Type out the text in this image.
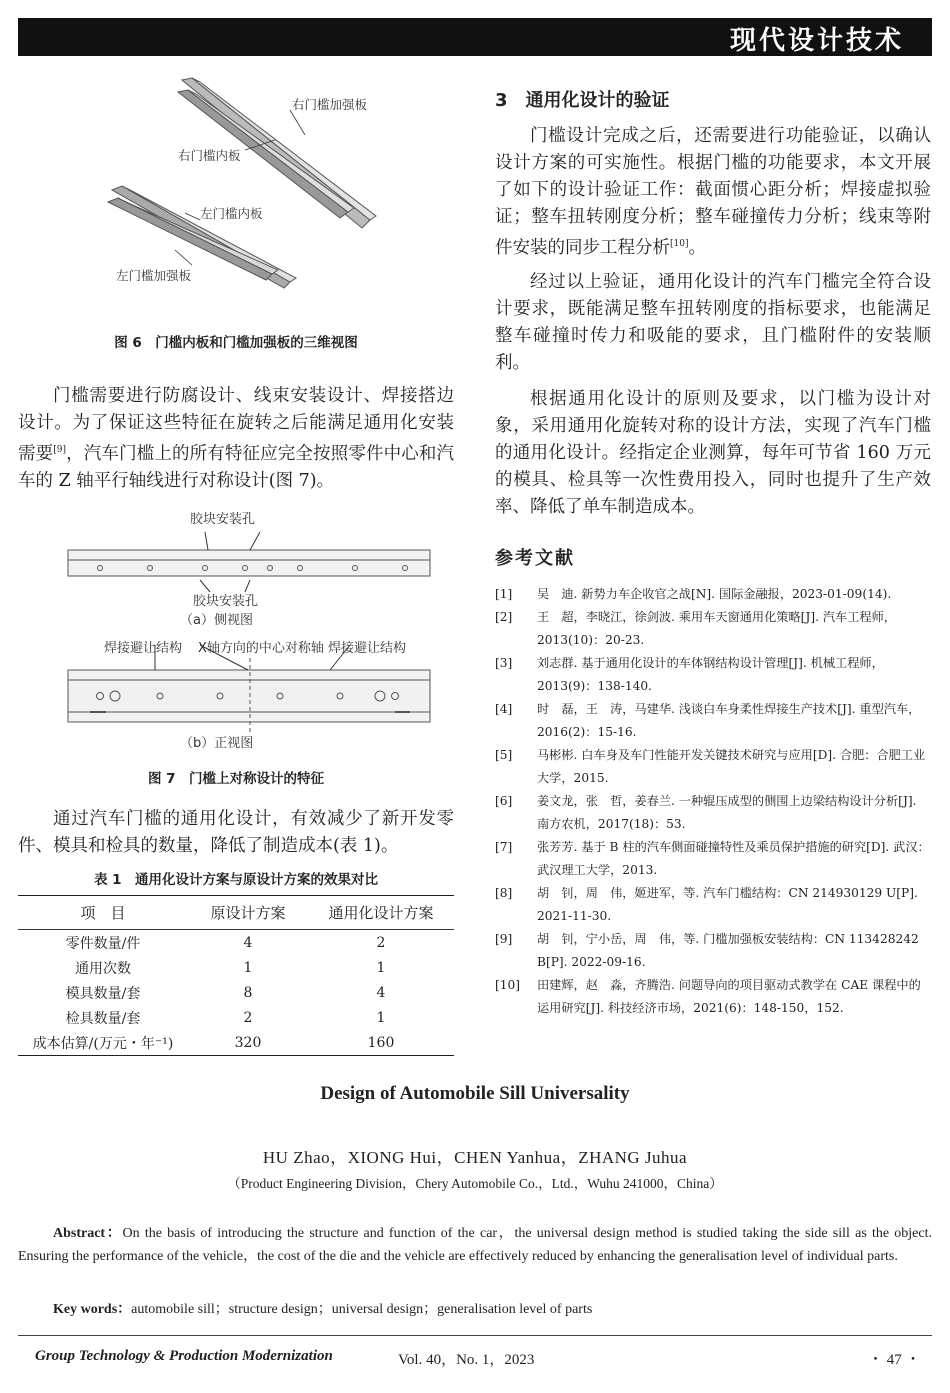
现代设计技术
右门槛加强板
右门槛内板
左门槛内板
左门槛加强板
图 6　门槛内板和门槛加强板的三维视图
门槛需要进行防腐设计、线束安装设计、焊接搭边设计。为了保证这些特征在旋转之后能满足通用化安装需要[9]，汽车门槛上的所有特征应完全按照零件中心和汽车的 Z 轴平行轴线进行对称设计(图 7)。
胶块安装孔
胶块安装孔
（a）侧视图
焊接避让结构 X轴方向的中心对称轴 焊接避让结构
（b）正视图
图 7　门槛上对称设计的特征
通过汽车门槛的通用化设计，有效减少了新开发零件、模具和检具的数量，降低了制造成本(表 1)。
表 1　通用化设计方案与原设计方案的效果对比
项　目	原设计方案	通用化设计方案
零件数量/件	4	2
通用次数	1	1
模具数量/套	8	4
检具数量/套	2	1
成本估算/(万元・年⁻¹)	320	160
3　通用化设计的验证
门槛设计完成之后，还需要进行功能验证，以确认设计方案的可实施性。根据门槛的功能要求，本文开展了如下的设计验证工作：截面惯心距分析；焊接虚拟验证；整车扭转刚度分析；整车碰撞传力分析；线束等附件安装的同步工程分析[10]。
经过以上验证，通用化设计的汽车门槛完全符合设计要求，既能满足整车扭转刚度的指标要求，也能满足整车碰撞时传力和吸能的要求，且门槛附件的安装顺利。
根据通用化设计的原则及要求，以门槛为设计对象，采用通用化旋转对称的设计方法，实现了汽车门槛的通用化设计。经指定企业测算，每年可节省 160 万元的模具、检具等一次性费用投入，同时也提升了生产效率、降低了单车制造成本。
参考文献
[1] 吴　迪. 新势力车企收官之战[N]. 国际金融报，2023-01-09(14).
[2] 王　超，李晓江，徐剑波. 乘用车天窗通用化策略[J]. 汽车工程师，2013(10)：20-23.
[3] 刘志群. 基于通用化设计的车体钢结构设计管理[J]. 机械工程师，2013(9)：138-140.
[4] 时　磊，王　涛，马建华. 浅谈白车身柔性焊接生产技术[J]. 重型汽车，2016(2)：15-16.
[5] 马彬彬. 白车身及车门性能开发关键技术研究与应用[D]. 合肥：合肥工业大学，2015.
[6] 姜文龙，张　哲，姜春兰. 一种辊压成型的侧围上边梁结构设计分析[J]. 南方农机，2017(18)：53.
[7] 张芳芳. 基于 B 柱的汽车侧面碰撞特性及乘员保护措施的研究[D]. 武汉：武汉理工大学，2013.
[8] 胡　钊，周　伟，姬进军，等. 汽车门槛结构：CN 214930129 U[P]. 2021-11-30.
[9] 胡　钊，宁小岳，周　伟，等. 门槛加强板安装结构：CN 113428242 B[P]. 2022-09-16.
[10] 田建辉，赵　淼，齐腾浩. 问题导向的项目驱动式教学在 CAE 课程中的运用研究[J]. 科技经济市场，2021(6)：148-150，152.
Design of Automobile Sill Universality
HU Zhao，XIONG Hui，CHEN Yanhua，ZHANG Juhua
（Product Engineering Division，Chery Automobile Co.，Ltd.，Wuhu 241000，China）
Abstract：On the basis of introducing the structure and function of the car，the universal design method is studied taking the side sill as the object. Ensuring the performance of the vehicle，the cost of the die and the vehicle are effectively reduced by enhancing the generalisation level of individual parts.
Key words：automobile sill；structure design；universal design；generalisation level of parts
Group Technology & Production Modernization	Vol. 40，No. 1，2023	・ 47 ・
